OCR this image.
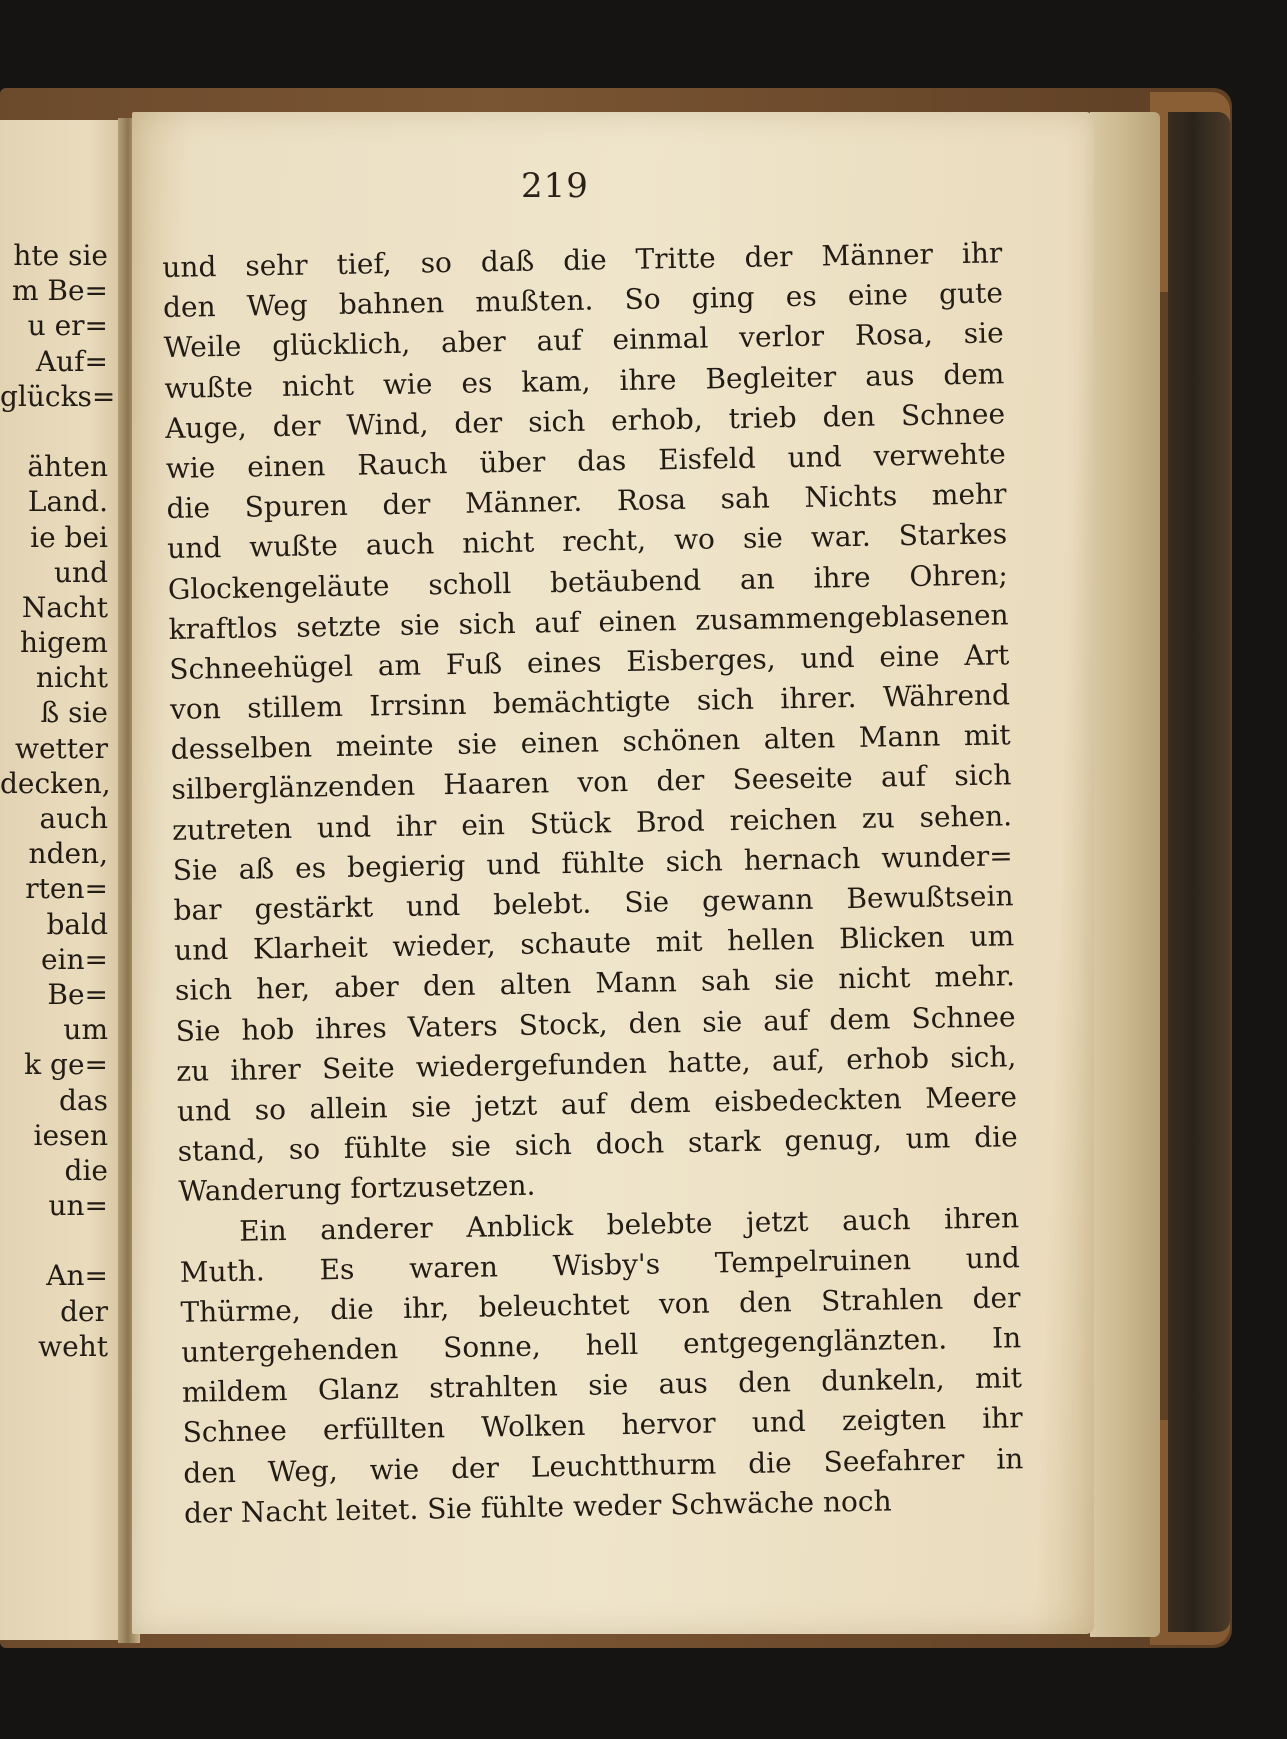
hte sie
m Be=
u er=
Auf=
glücks=
ähten
Land.
ie bei
und
Nacht
higem
nicht
ß sie
wetter
decken,
auch
nden,
rten=
bald
ein=
Be=
um
k ge=
das
iesen
die
un=
An=
der
weht
219
und sehr tief, so daß die Tritte der Männer ihr
den Weg bahnen mußten. So ging es eine gute
Weile glücklich, aber auf einmal verlor Rosa, sie
wußte nicht wie es kam, ihre Begleiter aus dem
Auge, der Wind, der sich erhob, trieb den Schnee
wie einen Rauch über das Eisfeld und verwehte
die Spuren der Männer. Rosa sah Nichts mehr
und wußte auch nicht recht, wo sie war. Starkes
Glockengeläute scholl betäubend an ihre Ohren;
kraftlos setzte sie sich auf einen zusammengeblasenen
Schneehügel am Fuß eines Eisberges, und eine Art
von stillem Irrsinn bemächtigte sich ihrer. Während
desselben meinte sie einen schönen alten Mann mit
silberglänzenden Haaren von der Seeseite auf sich
zutreten und ihr ein Stück Brod reichen zu sehen.
Sie aß es begierig und fühlte sich hernach wunder=
bar gestärkt und belebt. Sie gewann Bewußtsein
und Klarheit wieder, schaute mit hellen Blicken um
sich her, aber den alten Mann sah sie nicht mehr.
Sie hob ihres Vaters Stock, den sie auf dem Schnee
zu ihrer Seite wiedergefunden hatte, auf, erhob sich,
und so allein sie jetzt auf dem eisbedeckten Meere
stand, so fühlte sie sich doch stark genug, um die
Wanderung fortzusetzen.
Ein anderer Anblick belebte jetzt auch ihren
Muth. Es waren Wisby's Tempelruinen und
Thürme, die ihr, beleuchtet von den Strahlen der
untergehenden Sonne, hell entgegenglänzten. In
mildem Glanz strahlten sie aus den dunkeln, mit
Schnee erfüllten Wolken hervor und zeigten ihr
den Weg, wie der Leuchtthurm die Seefahrer in
der Nacht leitet. Sie fühlte weder Schwäche noch
